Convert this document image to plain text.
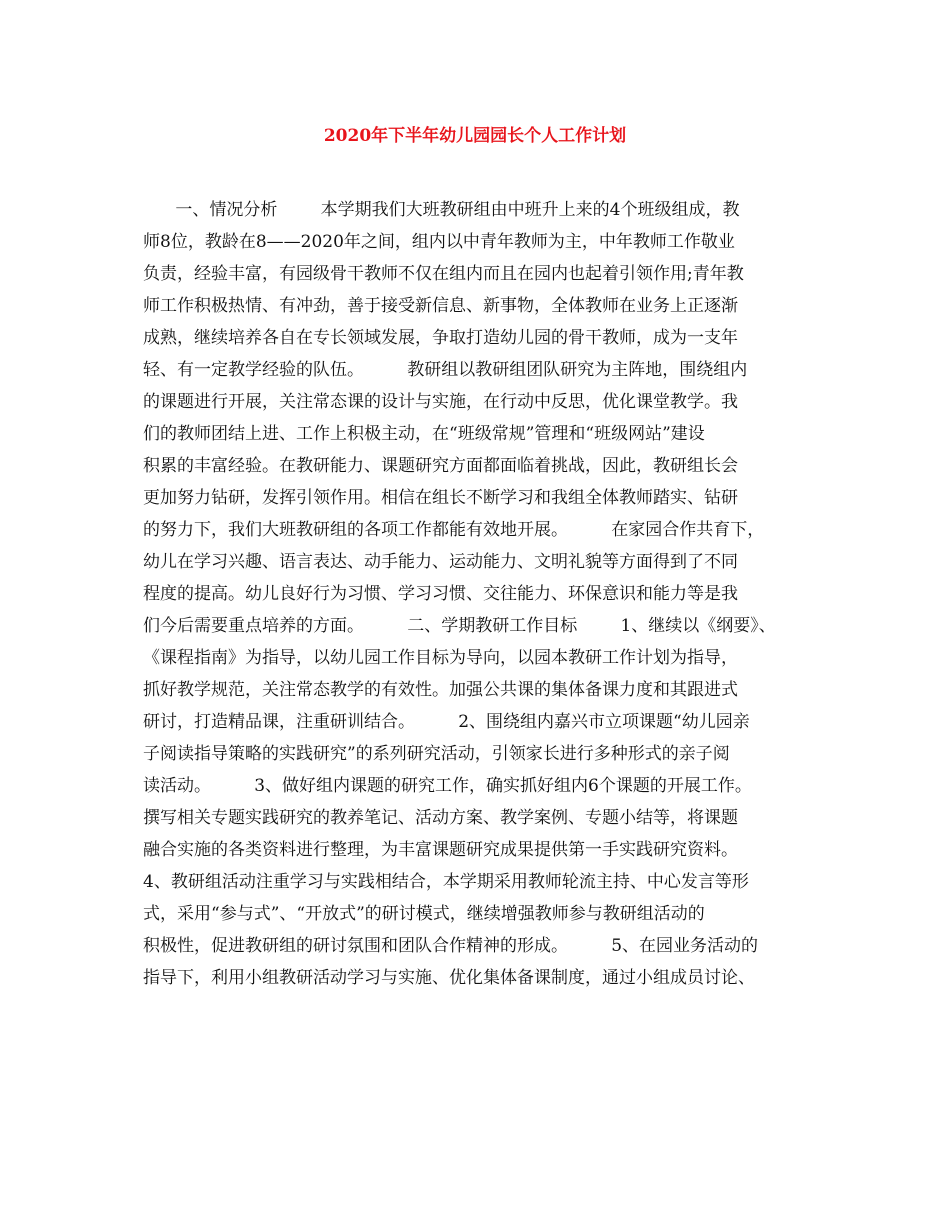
2020年下半年幼儿园园长个人工作计划
一、情况分析        本学期我们大班教研组由中班升上来的4个班级组成，教
师8位，教龄在8——2020年之间，组内以中青年教师为主，中年教师工作敬业
负责，经验丰富，有园级骨干教师不仅在组内而且在园内也起着引领作用;青年教
师工作积极热情、有冲劲，善于接受新信息、新事物，全体教师在业务上正逐渐
成熟，继续培养各自在专长领域发展，争取打造幼儿园的骨干教师，成为一支年
轻、有一定教学经验的队伍。        教研组以教研组团队研究为主阵地，围绕组内
的课题进行开展，关注常态课的设计与实施，在行动中反思，优化课堂教学。我
们的教师团结上进、工作上积极主动，在“班级常规”管理和“班级网站”建设
积累的丰富经验。在教研能力、课题研究方面都面临着挑战，因此，教研组长会
更加努力钻研，发挥引领作用。相信在组长不断学习和我组全体教师踏实、钻研
的努力下，我们大班教研组的各项工作都能有效地开展。        在家园合作共育下，
幼儿在学习兴趣、语言表达、动手能力、运动能力、文明礼貌等方面得到了不同
程度的提高。幼儿良好行为习惯、学习习惯、交往能力、环保意识和能力等是我
们今后需要重点培养的方面。        二、学期教研工作目标        1、继续以《纲要》、
《课程指南》为指导，以幼儿园工作目标为导向，以园本教研工作计划为指导，
抓好教学规范，关注常态教学的有效性。加强公共课的集体备课力度和其跟进式
研讨，打造精品课，注重研训结合。        2、围绕组内嘉兴市立项课题“幼儿园亲
子阅读指导策略的实践研究”的系列研究活动，引领家长进行多种形式的亲子阅
读活动。        3、做好组内课题的研究工作，确实抓好组内6个课题的开展工作。
撰写相关专题实践研究的教养笔记、活动方案、教学案例、专题小结等，将课题
融合实施的各类资料进行整理，为丰富课题研究成果提供第一手实践研究资料。
4、教研组活动注重学习与实践相结合，本学期采用教师轮流主持、中心发言等形
式，采用“参与式”、“开放式”的研讨模式，继续增强教师参与教研组活动的
积极性，促进教研组的研讨氛围和团队合作精神的形成。        5、在园业务活动的
指导下，利用小组教研活动学习与实施、优化集体备课制度，通过小组成员讨论、
